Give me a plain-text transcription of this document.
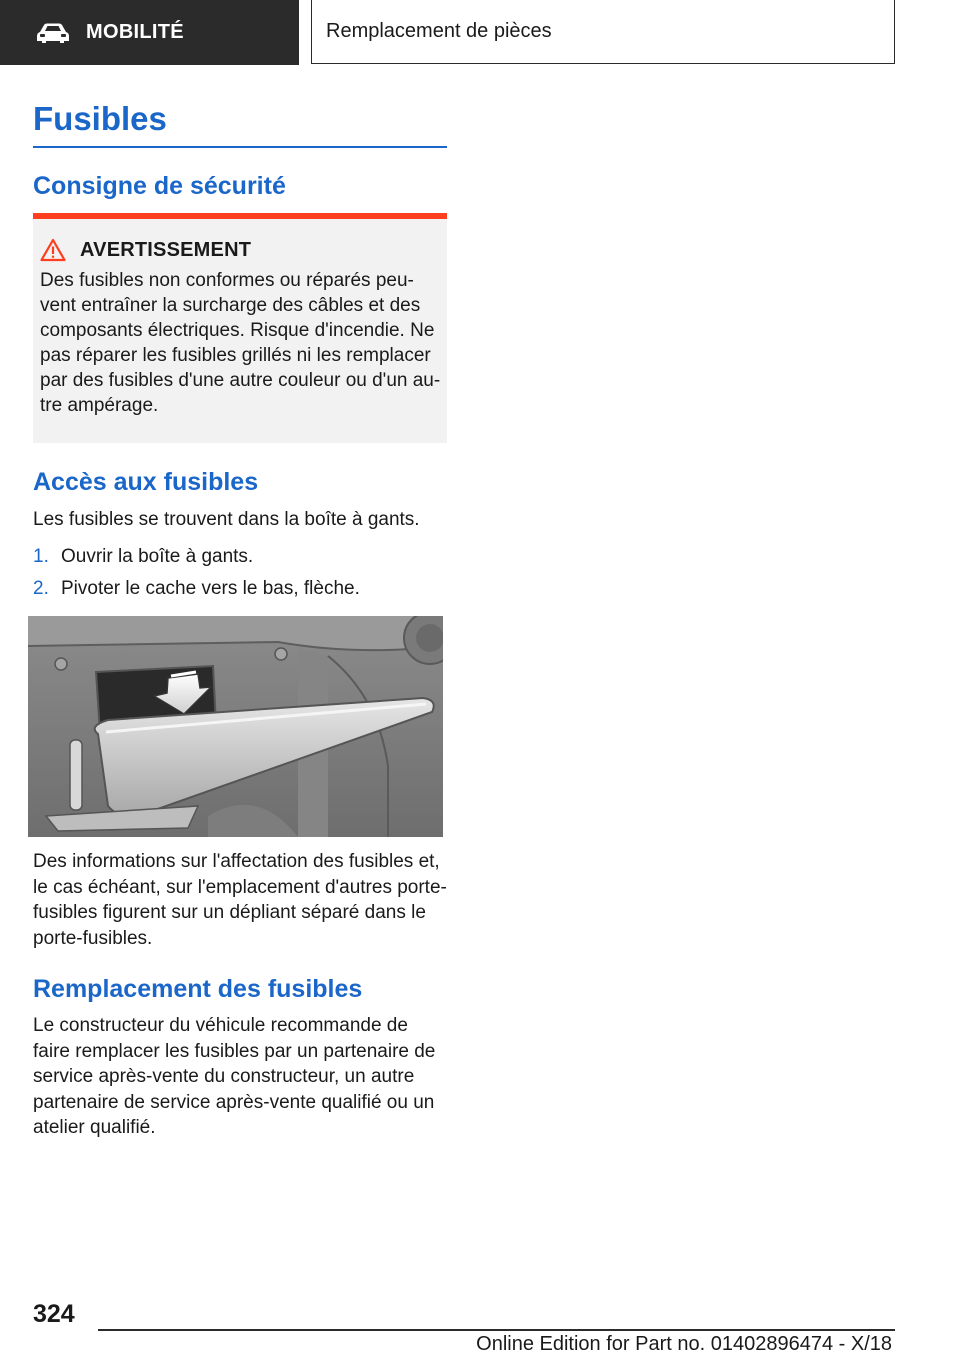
MOBILITÉ	Remplacement de pièces
Fusibles
Consigne de sécurité
AVERTISSEMENT

Des fusibles non conformes ou réparés peu-vent entraîner la surcharge des câbles et des composants électriques. Risque d'incendie. Ne pas réparer les fusibles grillés ni les remplacer par des fusibles d'une autre couleur ou d'un au-tre ampérage.

Accès aux fusibles

Les fusibles se trouvent dans la boîte à gants.

1. Ouvrir la boîte à gants.
2. Pivoter le cache vers le bas, flèche.

Des informations sur l'affectation des fusibles et, le cas échéant, sur l'emplacement d'autres porte-fusibles figurent sur un dépliant séparé dans le porte-fusibles.

Remplacement des fusibles

Le constructeur du véhicule recommande de faire remplacer les fusibles par un partenaire de service après-vente du constructeur, un autre partenaire de service après-vente qualifié ou un atelier qualifié.

324
Online Edition for Part no. 01402896474 - X/18
